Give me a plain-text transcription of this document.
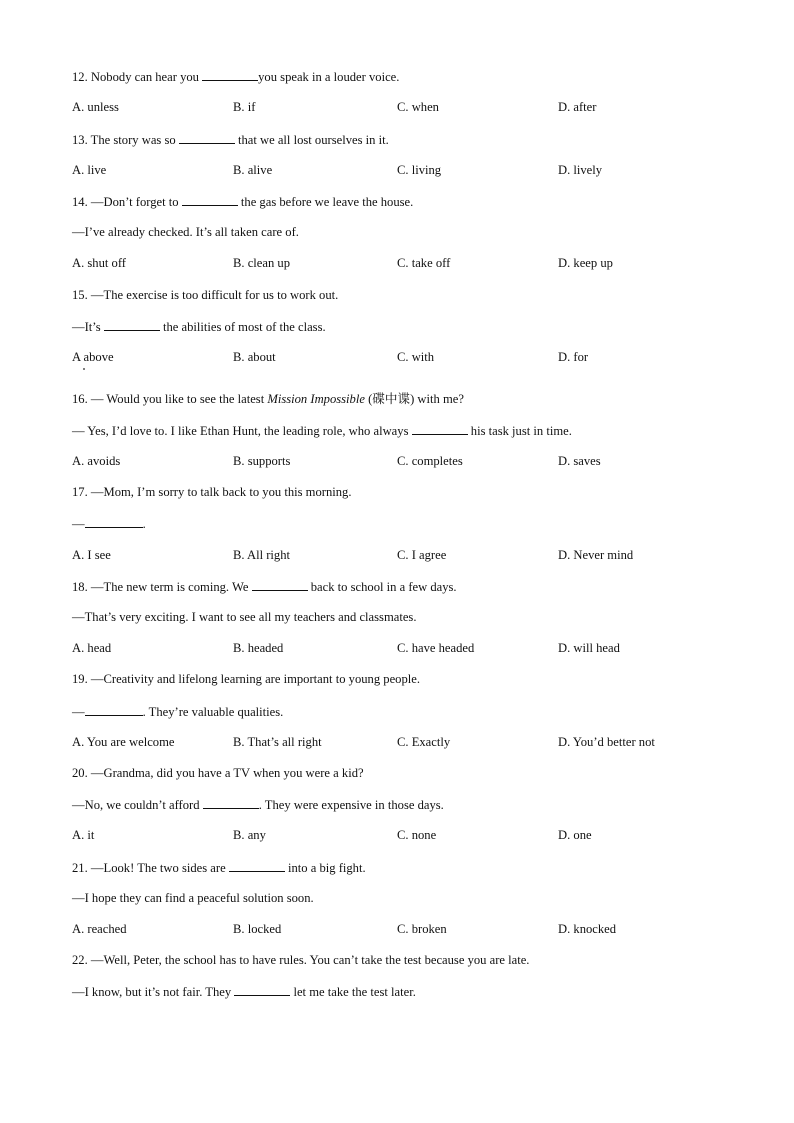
12. Nobody can hear you	you speak in a louder voice.
A. unless	B. if	C. when	D. after
13. The story was so	that we all lost ourselves in it.
A. live	B. alive	C. living	D. lively
14. —Don’t forget to	the gas before we leave the house.
—I’ve already checked. It’s all taken care of.
A. shut off	B. clean up	C. take off	D. keep up
15. —The exercise is too difficult for us to work out.
—It’s	the abilities of most of the class.
A above	B. about	C. with	D. for
16. — Would you like to see the latest Mission Impossible (碟中谍) with me?
— Yes, I’d love to. I like Ethan Hunt, the leading role, who always	his task just in time.
A. avoids	B. supports	C. completes	D. saves
17. —Mom, I’m sorry to talk back to you this morning.
—	.
A. I see	B. All right	C. I agree	D. Never mind
18. —The new term is coming. We	back to school in a few days.
—That’s very exciting. I want to see all my teachers and classmates.
A. head	B. headed	C. have headed	D. will head
19. —Creativity and lifelong learning are important to young people.
—	. They’re valuable qualities.
A. You are welcome	B. That’s all right	C. Exactly	D. You’d better not
20. —Grandma, did you have a TV when you were a kid?
—No, we couldn’t afford	. They were expensive in those days.
A. it	B. any	C. none	D. one
21. —Look! The two sides are	into a big fight.
—I hope they can find a peaceful solution soon.
A. reached	B. locked	C. broken	D. knocked
22. —Well, Peter, the school has to have rules. You can’t take the test because you are late.
—I know, but it’s not fair. They	let me take the test later.
